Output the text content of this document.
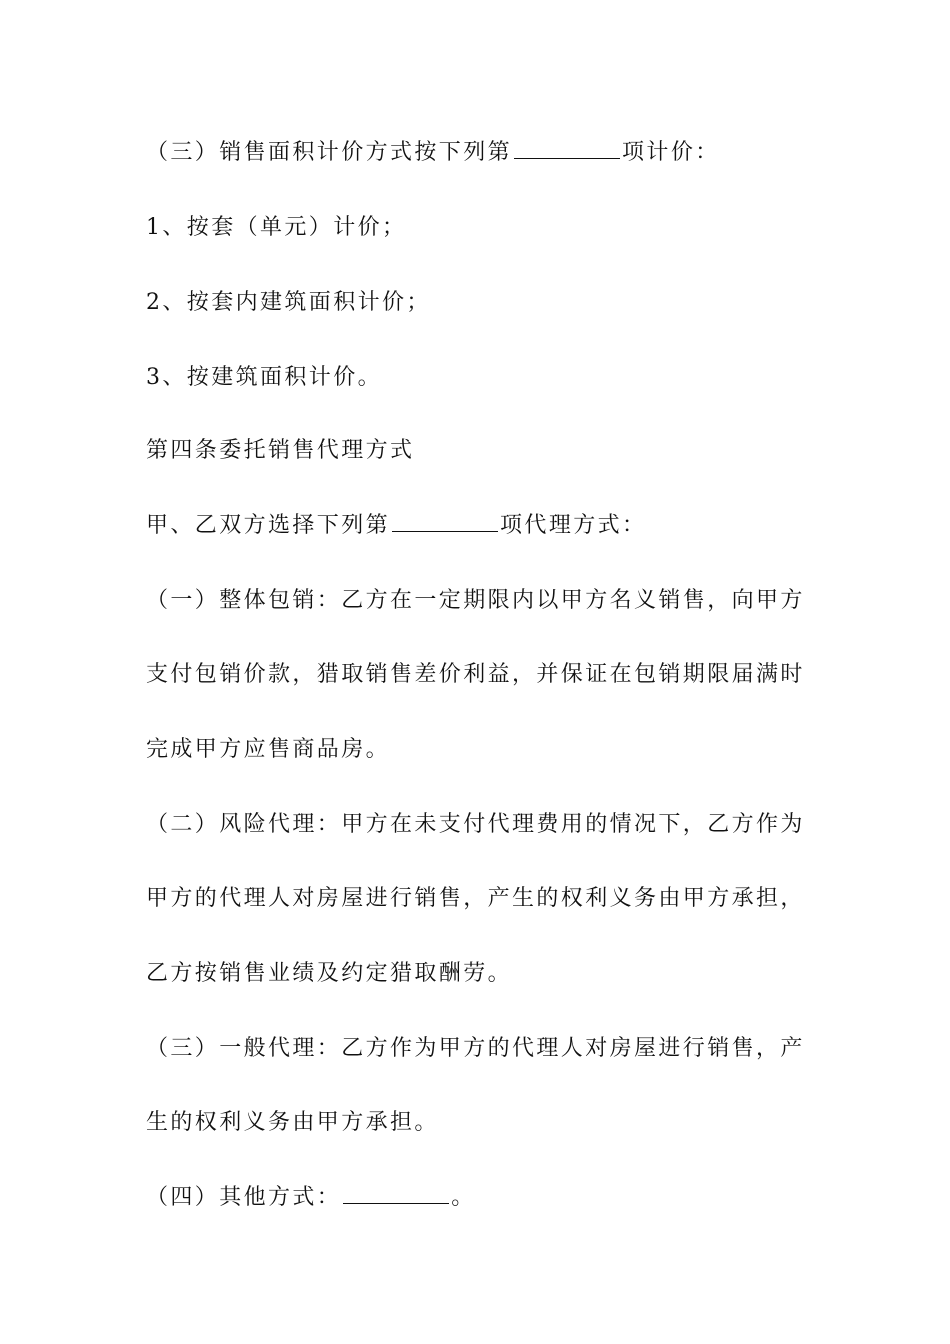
（三）销售面积计价方式按下列第	项计价：
1、按套（单元）计价；
2、按套内建筑面积计价；
3、按建筑面积计价。
第四条委托销售代理方式
甲、乙双方选择下列第	项代理方式：
（一）整体包销：乙方在一定期限内以甲方名义销售，向甲方
支付包销价款，猎取销售差价利益，并保证在包销期限届满时
完成甲方应售商品房。
（二）风险代理：甲方在未支付代理费用的情况下，乙方作为
甲方的代理人对房屋进行销售，产生的权利义务由甲方承担，
乙方按销售业绩及约定猎取酬劳。
（三）一般代理：乙方作为甲方的代理人对房屋进行销售，产
生的权利义务由甲方承担。
（四）其他方式：	。
